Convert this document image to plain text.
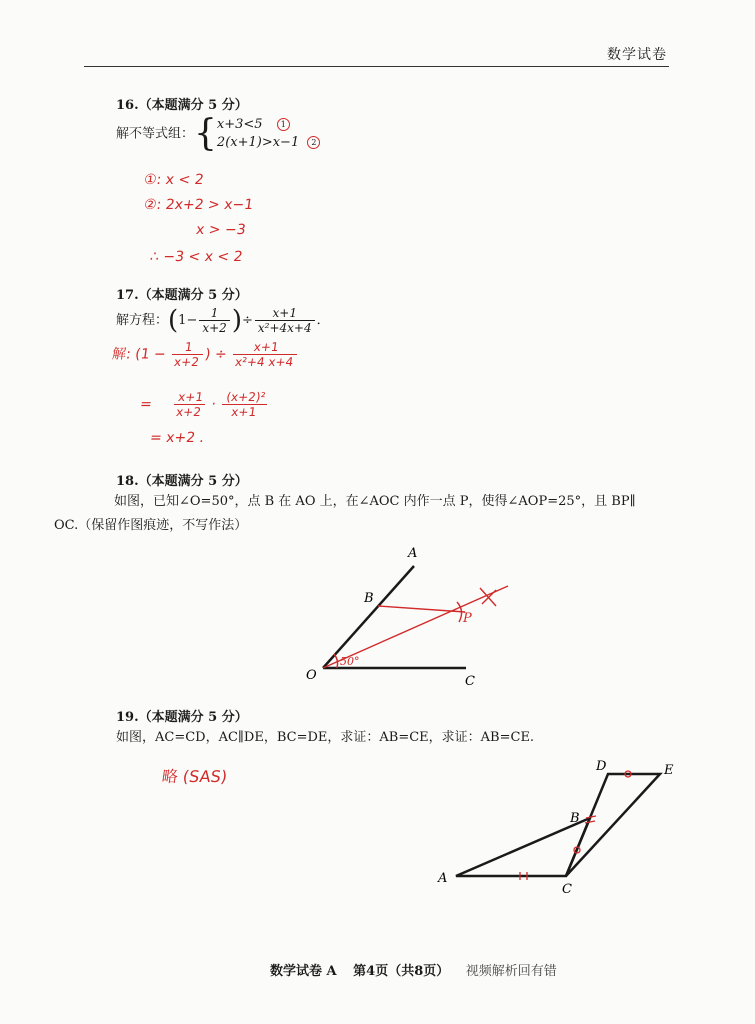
数学试卷
16.（本题满分 5 分）
解不等式组：{x+3<5 1
2(x+1)>x−1 2
①: x < 2
②: 2x+2 > x−1
x > −3
∴ −3 < x < 2
17.（本题满分 5 分）
解方程：($1- \frac{1}{x+2}$ )÷ $\frac{x+1}{\text{x²+4x+4}}$ ．
解: (1 −
$\frac{1}{x+2}$
) ÷
$\frac{x+1}{\text{x²+4 x+4}}$
= $\frac{x+1}{x+2} \cdot \frac{\text{(x+2)²}}{x+1}$
= x+2 .
18.（本题满分 5 分）
如图，已知∠O=50°，点 B 在 AO 上，在∠AOC 内作一点 P，使得∠AOP=25°，且 BP∥
OC.（保留作图痕迹，不写作法）
A
B
O	C
P
50°
19.（本题满分 5 分）
如图，AC=CD，AC∥DE，BC=DE，求证：AB=CE，求证：AB=CE.
略 (SAS)
A
B
C
D	E
数学试卷 A 第4页（共8页） 视频解析回有错
